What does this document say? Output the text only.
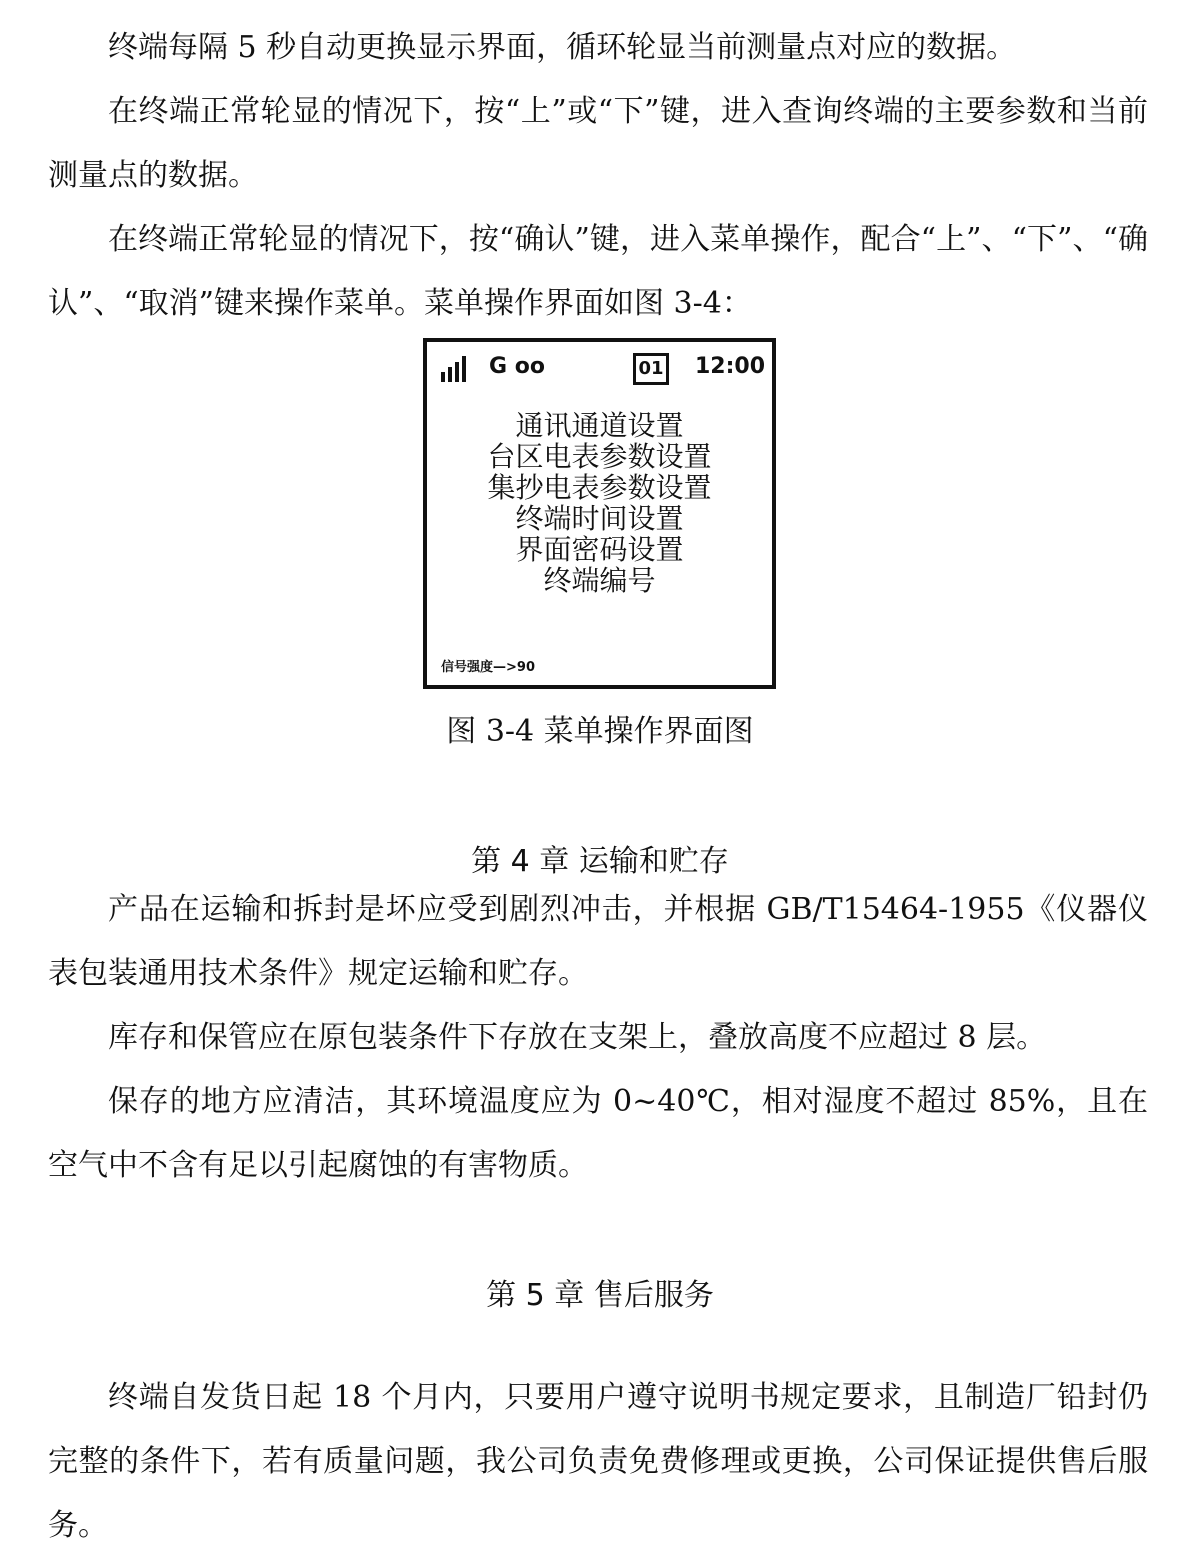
终端每隔 5 秒自动更换显示界面，循环轮显当前测量点对应的数据。

在终端正常轮显的情况下，按“上”或“下”键，进入查询终端的主要参数和当前测量点的数据。

在终端正常轮显的情况下，按“确认”键，进入菜单操作，配合“上”、“下”、“确认”、“取消”键来操作菜单。菜单操作界面如图 3-4：

G oo	01 12:00
通讯通道设置
台区电表参数设置
集抄电表参数设置
终端时间设置
界面密码设置
终端编号
信号强度—>90

图 3-4 菜单操作界面图

第 4 章 运输和贮存

产品在运输和拆封是坏应受到剧烈冲击，并根据 GB/T15464-1955《仪器仪表包装通用技术条件》规定运输和贮存。

库存和保管应在原包装条件下存放在支架上，叠放高度不应超过 8 层。

保存的地方应清洁，其环境温度应为 0~40℃，相对湿度不超过 85%，且在空气中不含有足以引起腐蚀的有害物质。

第 5 章 售后服务

终端自发货日起 18 个月内，只要用户遵守说明书规定要求，且制造厂铅封仍完整的条件下，若有质量问题，我公司负责免费修理或更换，公司保证提供售后服务。
